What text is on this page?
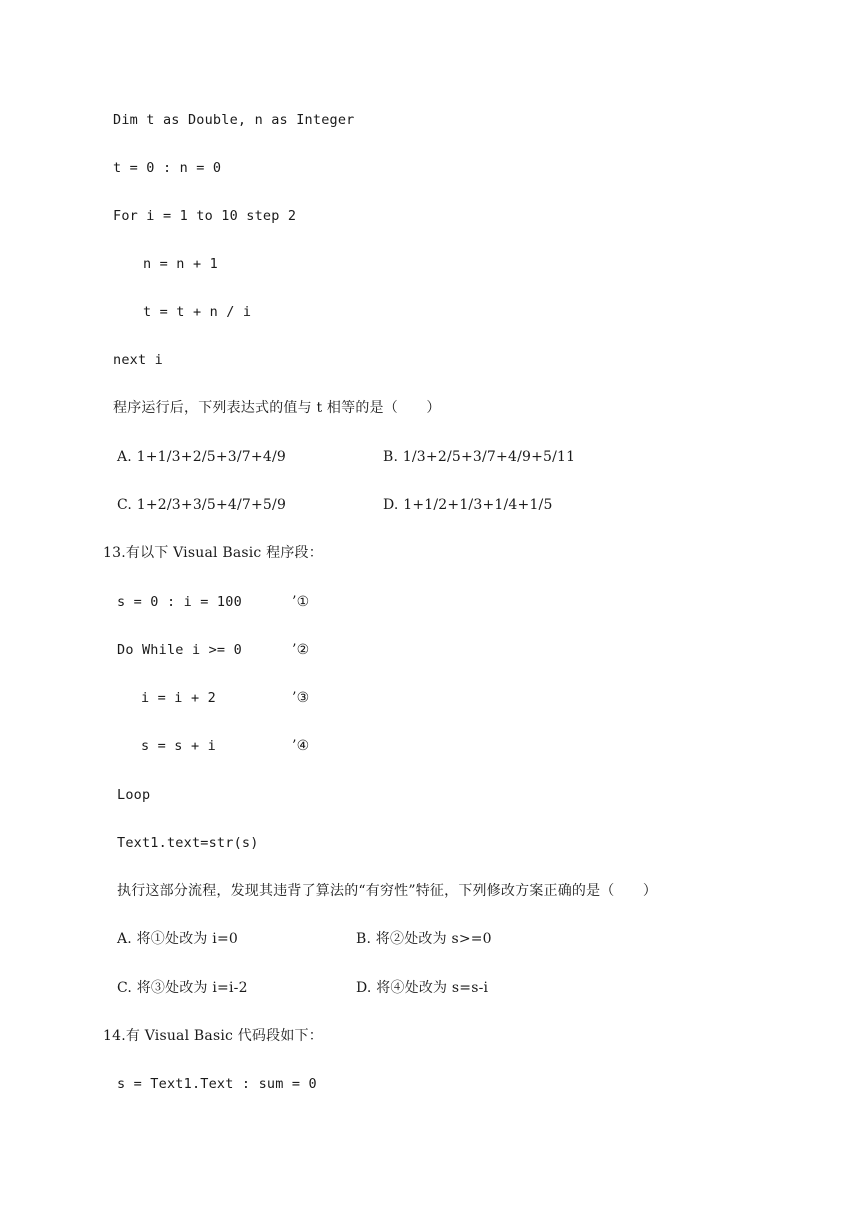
Dim t as Double, n as Integer
t = 0 : n = 0
For i = 1 to 10 step 2
n = n + 1
t = t + n / i
next i
程序运行后，下列表达式的值与 t 相等的是（　　）
A. 1+1/3+2/5+3/7+4/9	B. 1/3+2/5+3/7+4/9+5/11
C. 1+2/3+3/5+4/7+5/9	D. 1+1/2+1/3+1/4+1/5
13.有以下 Visual Basic 程序段：
s = 0 : i = 100	’①
Do While i >= 0	’②
i = i + 2	’③
s = s + i	’④
Loop
Text1.text=str(s)
执行这部分流程，发现其违背了算法的“有穷性”特征，下列修改方案正确的是（　　）
A. 将①处改为 i=0	B. 将②处改为 s>=0
C. 将③处改为 i=i-2	D. 将④处改为 s=s-i
14.有 Visual Basic 代码段如下：
s = Text1.Text : sum = 0
